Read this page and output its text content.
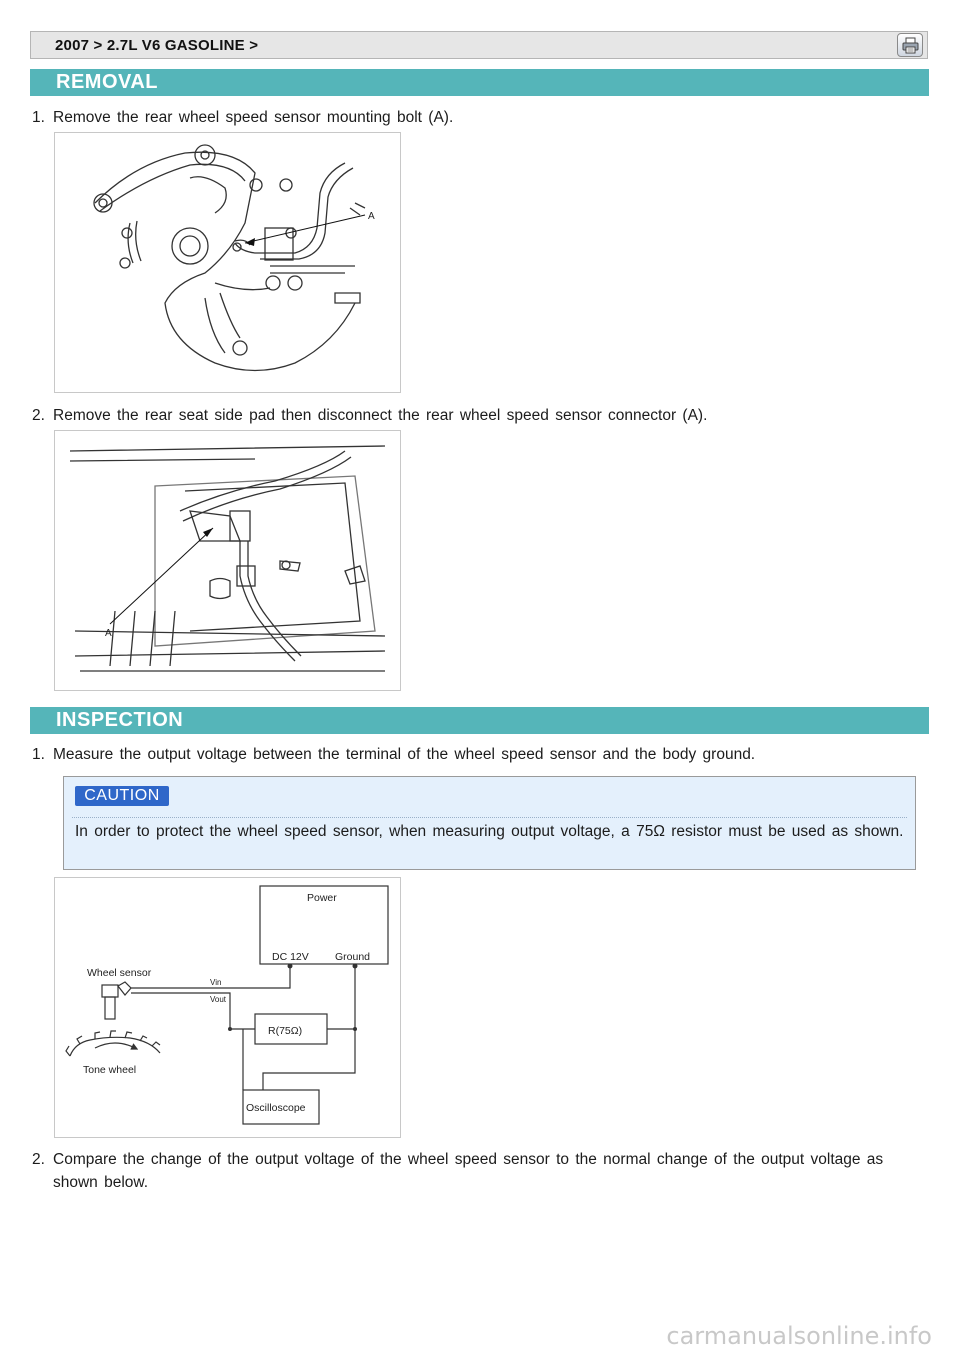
2007 > 2.7L V6 GASOLINE >
REMOVAL
1. Remove the rear wheel speed sensor mounting bolt (A).
A
2. Remove the rear seat side pad then disconnect the rear wheel speed sensor connector (A).
A
INSPECTION
1. Measure the output voltage between the terminal of the wheel speed sensor and the body ground.
CAUTION
In order to protect the wheel speed sensor, when measuring output voltage, a 75Ω resistor must be used as shown.
Power
DC 12V Ground
Wheel sensor
Vin
Vout
R(75Ω)
Tone wheel
Oscilloscope
2. Compare the change of the output voltage of the wheel speed sensor to the normal change of the output voltage as shown below.
carmanualsonline.info
